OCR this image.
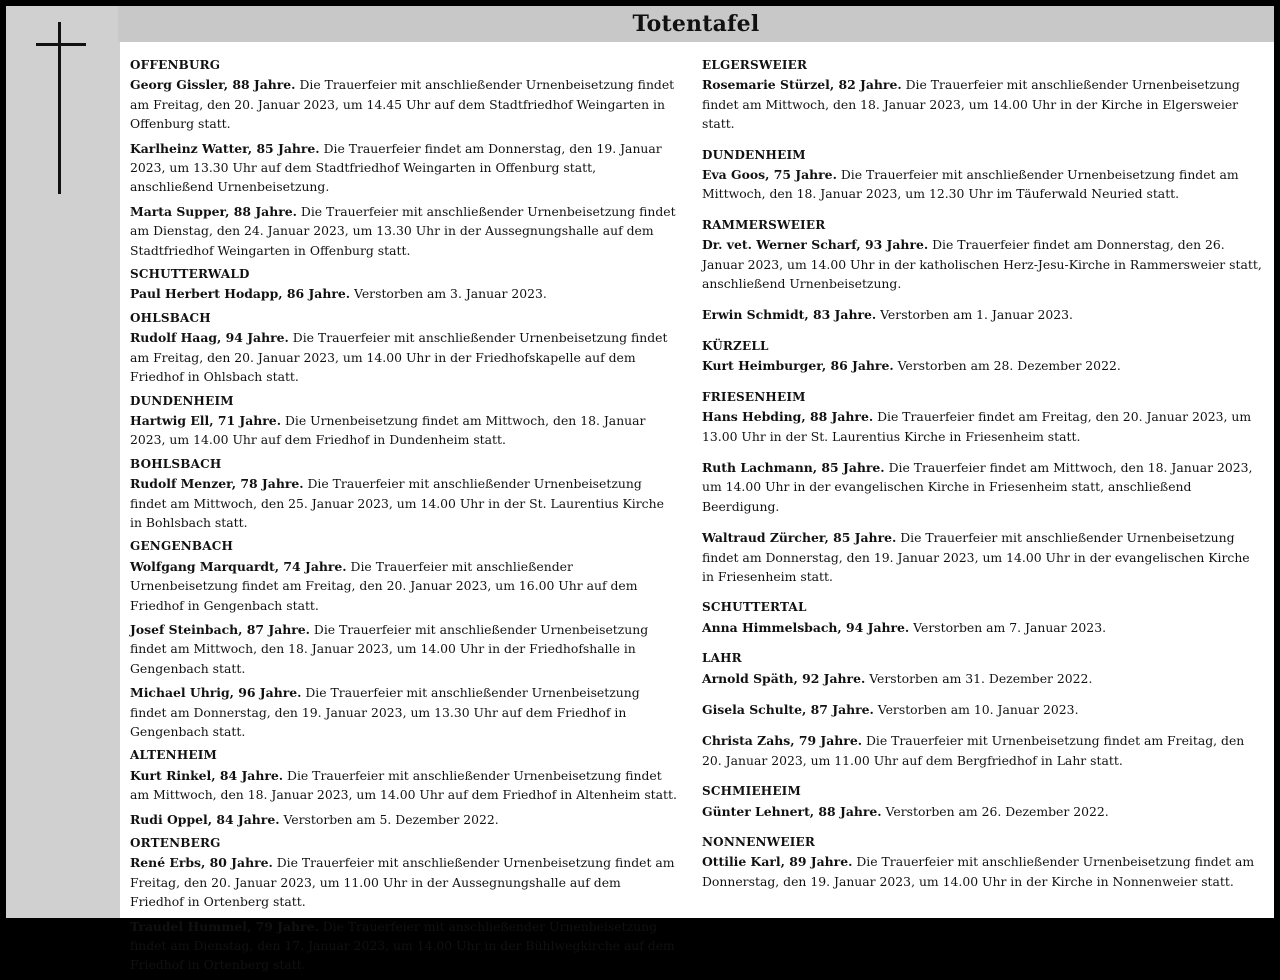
Totentafel
OFFENBURG
Georg Gissler, 88 Jahre. Die Trauerfeier mit anschließender Urnenbeisetzung findet am Freitag, den 20. Januar 2023, um 14.45 Uhr auf dem Stadtfriedhof Weingarten in Offenburg statt.
Karlheinz Watter, 85 Jahre. Die Trauerfeier findet am Donnerstag, den 19. Januar 2023, um 13.30 Uhr auf dem Stadtfriedhof Weingarten in Offenburg statt, anschließend Urnenbeisetzung.
Marta Supper, 88 Jahre. Die Trauerfeier mit anschließender Urnenbeisetzung findet am Dienstag, den 24. Januar 2023, um 13.30 Uhr in der Aussegnungshalle auf dem Stadtfriedhof Weingarten in Offenburg statt.
SCHUTTERWALD
Paul Herbert Hodapp, 86 Jahre. Verstorben am 3. Januar 2023.
OHLSBACH
Rudolf Haag, 94 Jahre. Die Trauerfeier mit anschließender Urnenbeisetzung findet am Freitag, den 20. Januar 2023, um 14.00 Uhr in der Friedhofskapelle auf dem Friedhof in Ohlsbach statt.
DUNDENHEIM
Hartwig Ell, 71 Jahre. Die Urnenbeisetzung findet am Mittwoch, den 18. Januar 2023, um 14.00 Uhr auf dem Friedhof in Dundenheim statt.
BOHLSBACH
Rudolf Menzer, 78 Jahre. Die Trauerfeier mit anschließender Urnenbeisetzung findet am Mittwoch, den 25. Januar 2023, um 14.00 Uhr in der St. Laurentius Kirche in Bohlsbach statt.
GENGENBACH
Wolfgang Marquardt, 74 Jahre. Die Trauerfeier mit anschließender Urnenbeisetzung findet am Freitag, den 20. Januar 2023, um 16.00 Uhr auf dem Friedhof in Gengenbach statt.
Josef Steinbach, 87 Jahre. Die Trauerfeier mit anschließender Urnenbeisetzung findet am Mittwoch, den 18. Januar 2023, um 14.00 Uhr in der Friedhofshalle in Gengenbach statt.
Michael Uhrig, 96 Jahre. Die Trauerfeier mit anschließender Urnenbeisetzung findet am Donnerstag, den 19. Januar 2023, um 13.30 Uhr auf dem Friedhof in Gengenbach statt.
ALTENHEIM
Kurt Rinkel, 84 Jahre. Die Trauerfeier mit anschließender Urnenbeisetzung findet am Mittwoch, den 18. Januar 2023, um 14.00 Uhr auf dem Friedhof in Altenheim statt.
Rudi Oppel, 84 Jahre. Verstorben am 5. Dezember 2022.
ORTENBERG
René Erbs, 80 Jahre. Die Trauerfeier mit anschließender Urnenbeisetzung findet am Freitag, den 20. Januar 2023, um 11.00 Uhr in der Aussegnungshalle auf dem Friedhof in Ortenberg statt.
Traudel Hummel, 79 Jahre. Die Trauerfeier mit anschließender Urnenbeisetzung findet am Dienstag, den 17. Januar 2023, um 14.00 Uhr in der Bühlwegkirche auf dem Friedhof in Ortenberg statt.
ELGERSWEIER
Rosemarie Stürzel, 82 Jahre. Die Trauerfeier mit anschließender Urnenbeisetzung findet am Mittwoch, den 18. Januar 2023, um 14.00 Uhr in der Kirche in Elgersweier statt.
DUNDENHEIM
Eva Goos, 75 Jahre. Die Trauerfeier mit anschließender Urnenbeisetzung findet am Mittwoch, den 18. Januar 2023, um 12.30 Uhr im Täuferwald Neuried statt.
RAMMERSWEIER
Dr. vet. Werner Scharf, 93 Jahre. Die Trauerfeier findet am Donnerstag, den 26. Januar 2023, um 14.00 Uhr in der katholischen Herz-Jesu-Kirche in Rammersweier statt, anschließend Urnenbeisetzung.
Erwin Schmidt, 83 Jahre. Verstorben am 1. Januar 2023.
KÜRZELL
Kurt Heimburger, 86 Jahre. Verstorben am 28. Dezember 2022.
FRIESENHEIM
Hans Hebding, 88 Jahre. Die Trauerfeier findet am Freitag, den 20. Januar 2023, um 13.00 Uhr in der St. Laurentius Kirche in Friesenheim statt.
Ruth Lachmann, 85 Jahre. Die Trauerfeier findet am Mittwoch, den 18. Januar 2023, um 14.00 Uhr in der evangelischen Kirche in Friesenheim statt, anschließend Beerdigung.
Waltraud Zürcher, 85 Jahre. Die Trauerfeier mit anschließender Urnenbeisetzung findet am Donnerstag, den 19. Januar 2023, um 14.00 Uhr in der evangelischen Kirche in Friesenheim statt.
SCHUTTERTAL
Anna Himmelsbach, 94 Jahre. Verstorben am 7. Januar 2023.
LAHR
Arnold Späth, 92 Jahre. Verstorben am 31. Dezember 2022.
Gisela Schulte, 87 Jahre. Verstorben am 10. Januar 2023.
Christa Zahs, 79 Jahre. Die Trauerfeier mit Urnenbeisetzung findet am Freitag, den 20. Januar 2023, um 11.00 Uhr auf dem Bergfriedhof in Lahr statt.
SCHMIEHEIM
Günter Lehnert, 88 Jahre. Verstorben am 26. Dezember 2022.
NONNENWEIER
Ottilie Karl, 89 Jahre. Die Trauerfeier mit anschließender Urnenbeisetzung findet am Donnerstag, den 19. Januar 2023, um 14.00 Uhr in der Kirche in Nonnenweier statt.
